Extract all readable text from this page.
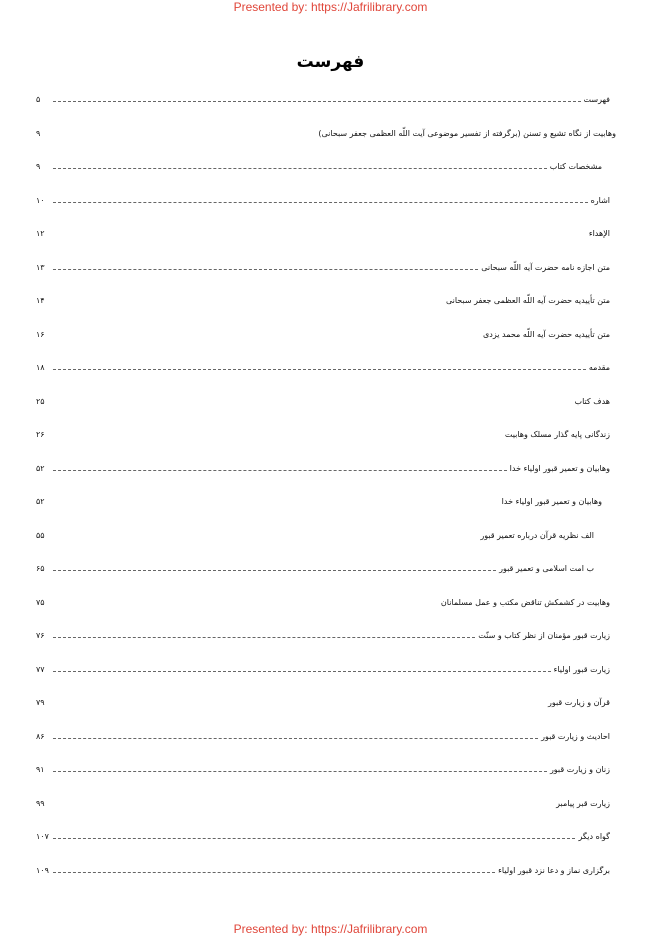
Presented by: https://Jafrilibrary.com
فهرست
فهرست
۵
وهابیت از نگاه تشیع و تسنن (برگرفته از تفسیر موضوعی آیت اللّه العظمی جعفر سبحانی)
۹
مشخصات کتاب
۹
اشاره
۱۰
الإهداء
۱۲
متن اجازه نامه حضرت آیه اللّه سبحانی
۱۳
متن تأییدیه حضرت آیه اللّه العظمی جعفر سبحانی
۱۴
متن تأییدیه حضرت آیه اللّه محمد یزدی
۱۶
مقدمه
۱۸
هدف کتاب
۲۵
زندگانی پایه گذار مسلک وهابیت
۲۶
وهابیان و تعمیر قبور اولیاء خدا
۵۲
وهابیان و تعمیر قبور اولیاء خدا
۵۲
الف نظریه قرآن درباره تعمیر قبور
۵۵
ب امت اسلامی و تعمیر قبور
۶۵
وهابیت در کشمکش تناقض مکتب و عمل مسلمانان
۷۵
زیارت قبور مؤمنان از نظر کتاب و سنّت
۷۶
زیارت قبور اولیاء
۷۷
قرآن و زیارت قبور
۷۹
احادیث و زیارت قبور
۸۶
زنان و زیارت قبور
۹۱
زیارت قبر پیامبر
۹۹
گواه دیگر
۱۰۷
برگزاری نماز و دعا نزد قبور اولیاء
۱۰۹
Presented by: https://Jafrilibrary.com
